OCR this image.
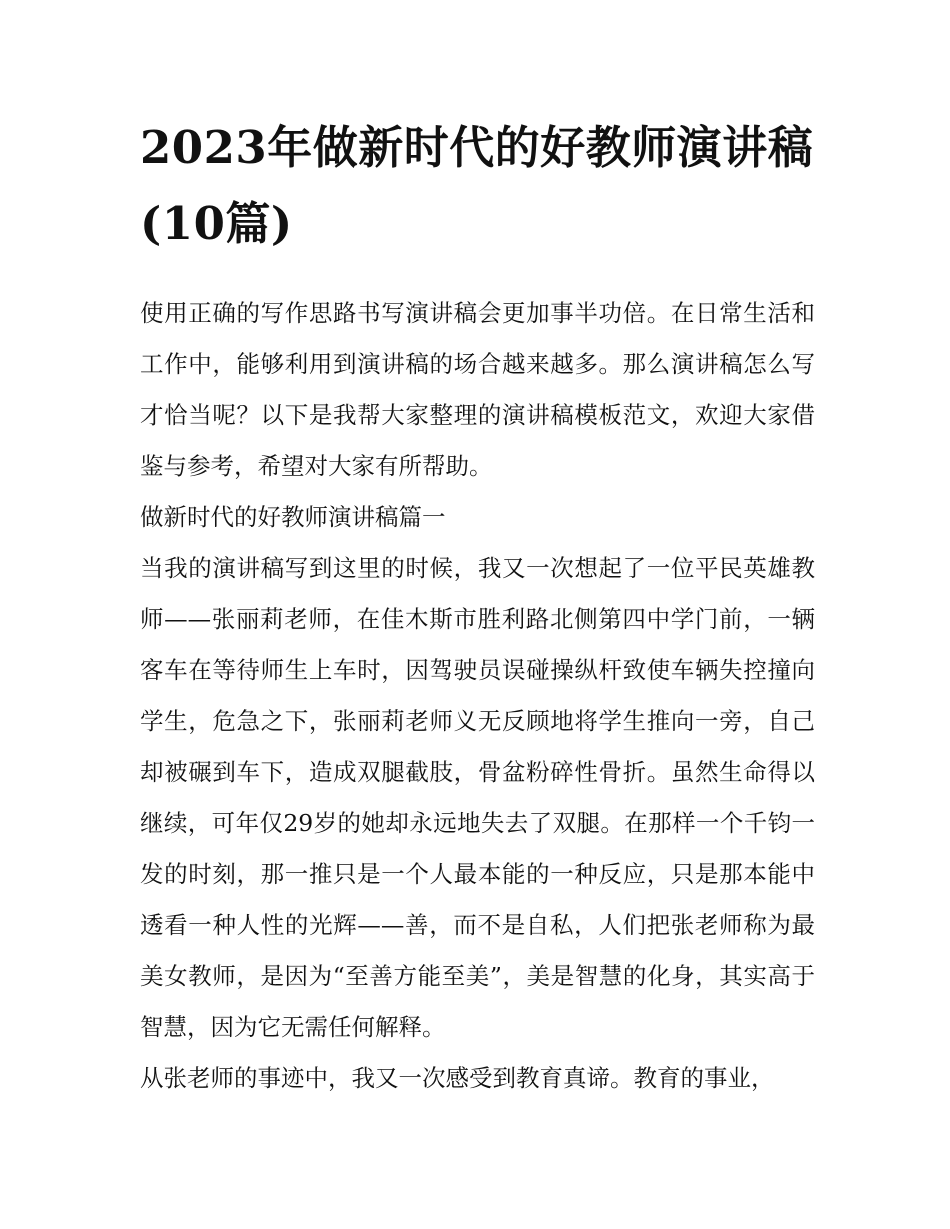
2023年做新时代的好教师演讲稿(10篇)

使用正确的写作思路书写演讲稿会更加事半功倍。在日常生活和工作中，能够利用到演讲稿的场合越来越多。那么演讲稿怎么写才恰当呢？以下是我帮大家整理的演讲稿模板范文，欢迎大家借鉴与参考，希望对大家有所帮助。

做新时代的好教师演讲稿篇一

当我的演讲稿写到这里的时候，我又一次想起了一位平民英雄教师——张丽莉老师，在佳木斯市胜利路北侧第四中学门前，一辆客车在等待师生上车时，因驾驶员误碰操纵杆致使车辆失控撞向学生，危急之下，张丽莉老师义无反顾地将学生推向一旁，自己却被碾到车下，造成双腿截肢，骨盆粉碎性骨折。虽然生命得以继续，可年仅29岁的她却永远地失去了双腿。在那样一个千钧一发的时刻，那一推只是一个人最本能的一种反应，只是那本能中透看一种人性的光辉——善，而不是自私，人们把张老师称为最美女教师，是因为“至善方能至美”，美是智慧的化身，其实高于智慧，因为它无需任何解释。

从张老师的事迹中，我又一次感受到教育真谛。教育的事业，
